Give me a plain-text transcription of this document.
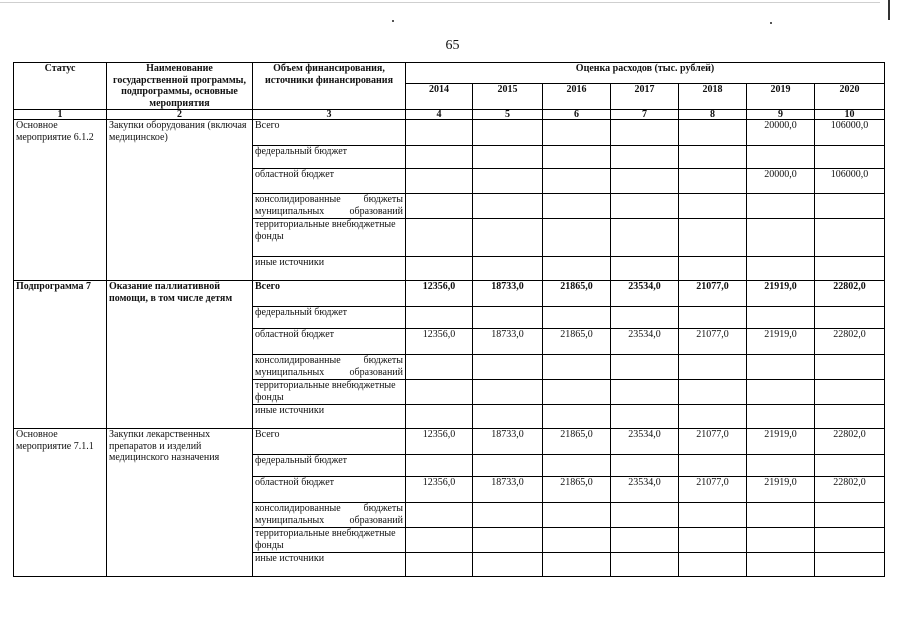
65
Статус	Наименование государственной программы, подпрограммы, основные мероприятия	Объем финансирования, источники финансирования	Оценка расходов (тыс. рублей)						
			2014	2015	2016	2017	2018	2019	2020
1	2	3	4	5	6	7	8	9	10
Основное мероприятие 6.1.2	Закупки оборудования (включая медицинское)	Всего						20000,0	106000,0
		федеральный бюджет							
		областной бюджет						20000,0	106000,0
		консолидированные бюджеты муниципальных образований							
		территориальные внебюджетные фонды							
		иные источники							
Подпрограмма 7	Оказание паллиативной помощи, в том числе детям	Всего	12356,0	18733,0	21865,0	23534,0	21077,0	21919,0	22802,0
		федеральный бюджет							
		областной бюджет	12356,0	18733,0	21865,0	23534,0	21077,0	21919,0	22802,0
		консолидированные бюджеты муниципальных образований							
		территориальные внебюджетные фонды							
		иные источники							
Основное мероприятие 7.1.1	Закупки лекарственных препаратов и изделий медицинского назначения	Всего	12356,0	18733,0	21865,0	23534,0	21077,0	21919,0	22802,0
		федеральный бюджет							
		областной бюджет	12356,0	18733,0	21865,0	23534,0	21077,0	21919,0	22802,0
		консолидированные бюджеты муниципальных образований							
		территориальные внебюджетные фонды							
		иные источники							
